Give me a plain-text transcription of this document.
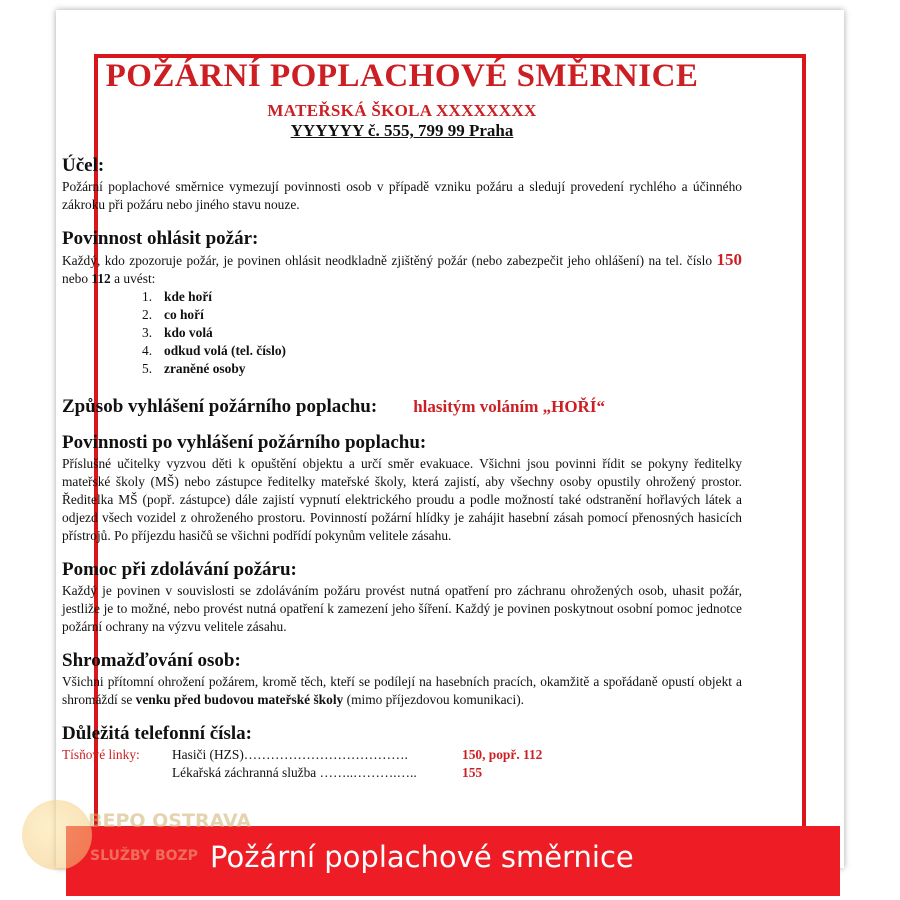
POŽÁRNÍ POPLACHOVÉ SMĚRNICE
MATEŘSKÁ ŠKOLA XXXXXXXX
YYYYYY č. 555, 799 99 Praha
Účel:

Požární poplachové směrnice vymezují povinnosti osob v případě vzniku požáru a sledují provedení rychlého a účinného zákroku při požáru nebo jiného stavu nouze.

Povinnost ohlásit požár:

Každý, kdo zpozoruje požár, je povinen ohlásit neodkladně zjištěný požár (nebo zabezpečit jeho ohlášení) na tel. číslo 150 nebo 112 a uvést:

1. kde hoří
2. co hoří
3. kdo volá
4. odkud volá (tel. číslo)
5. zraněné osoby
Způsob vyhlášení požárního poplachu: hlasitým voláním „HOŘÍ“
Povinnosti po vyhlášení požárního poplachu:

Příslušné učitelky vyzvou děti k opuštění objektu a určí směr evakuace. Všichni jsou povinni řídit se pokyny ředitelky mateřské školy (MŠ) nebo zástupce ředitelky mateřské školy, která zajistí, aby všechny osoby opustily ohrožený prostor. Ředitelka MŠ (popř. zástupce) dále zajistí vypnutí elektrického proudu a podle možností také odstranění hořlavých látek a odjezd všech vozidel z ohroženého prostoru. Povinností požární hlídky je zahájit hasební zásah pomocí přenosných hasicích přístrojů. Po příjezdu hasičů se všichni podřídí pokynům velitele zásahu.

Pomoc při zdolávání požáru:

Každý je povinen v souvislosti se zdoláváním požáru provést nutná opatření pro záchranu ohrožených osob, uhasit požár, jestliže je to možné, nebo provést nutná opatření k zamezení jeho šíření. Každý je povinen poskytnout osobní pomoc jednotce požární ochrany na výzvu velitele zásahu.

Shromažďování osob:

Všichni přítomní ohrožení požárem, kromě těch, kteří se podílejí na hasebních pracích, okamžitě a spořádaně opustí objekt a shromáždí se venku před budovou mateřské školy (mimo příjezdovou komunikaci).

Důležitá telefonní čísla:
Tísňové linky:	Hasiči (HZS)……………………………….	150, popř. 112
Lékařská záchranná služba ……..……….…..	155
BEPO OSTRAVA
SLUŽBY BOZP Požární poplachové směrnice
